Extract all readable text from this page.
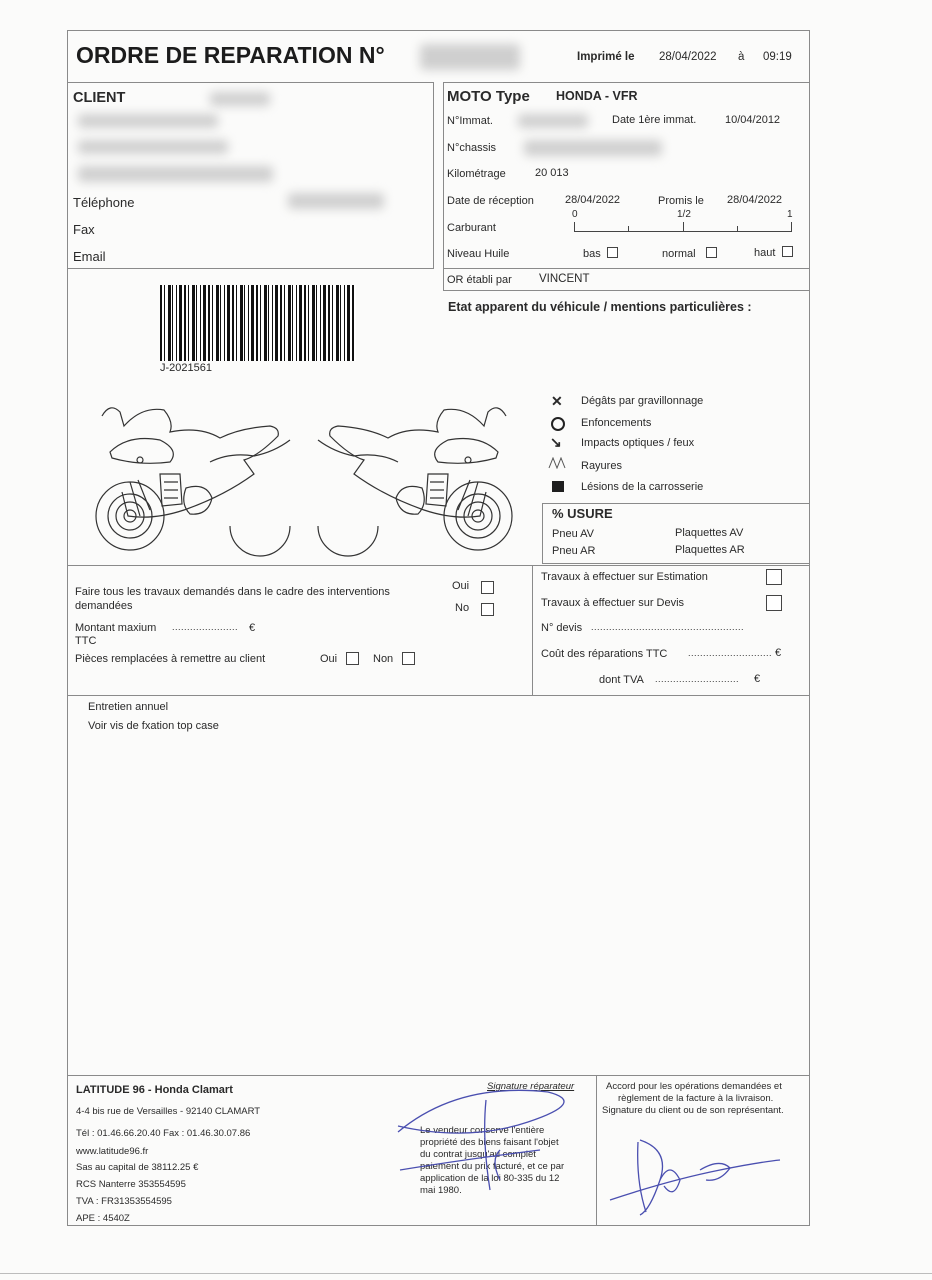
ORDRE DE REPARATION N°	Imprimé le 28/04/2022 à 09:19
CLIENT
Téléphone
Fax
Email
MOTO Type HONDA - VFR
N°Immat.	Date 1ère immat.	10/04/2012
N°chassis
Kilométrage	20 013
Date de réception	28/04/2022	Promis le 28/04/2022
Carburant
0	1/2	1
Niveau Huile	bas	normal	haut
OR établi par VINCENT
J-2021561
Etat apparent du véhicule / mentions particulières :
✕ Dégâts par gravillonnage
Enfoncements
↘ Impacts optiques / feux
Rayures
Lésions de la carrosserie
% USURE
Pneu AV	Plaquettes AV
Pneu AR	Plaquettes AR
Faire tous les travaux demandés dans le cadre des interventions
demandées
Oui
No
Montant maxium ...................... €
TTC
Pièces remplacées à remettre au client	Oui	Non
Travaux à effectuer sur Estimation
Travaux à effectuer sur Devis
N° devis ...................................................
Coût des réparations TTC ............................ €
dont TVA ............................ €
Entretien annuel
Voir vis de fxation top case
LATITUDE 96 - Honda Clamart
4-4 bis rue de Versailles - 92140 CLAMART
Tél : 01.46.66.20.40 Fax : 01.46.30.07.86
www.latitude96.fr
Sas au capital de 38112.25 €
RCS Nanterre 353554595
TVA : FR31353554595
APE : 4540Z
Signature réparateur
Le vendeur conserve l'entière
propriété des biens faisant l'objet
du contrat jusqu'au complet
paiement du prix facturé, et ce par
application de la loi 80-335 du 12
mai 1980.
Accord pour les opérations demandées et
règlement de la facture à la livraison.
Signature du client ou de son représentant.
